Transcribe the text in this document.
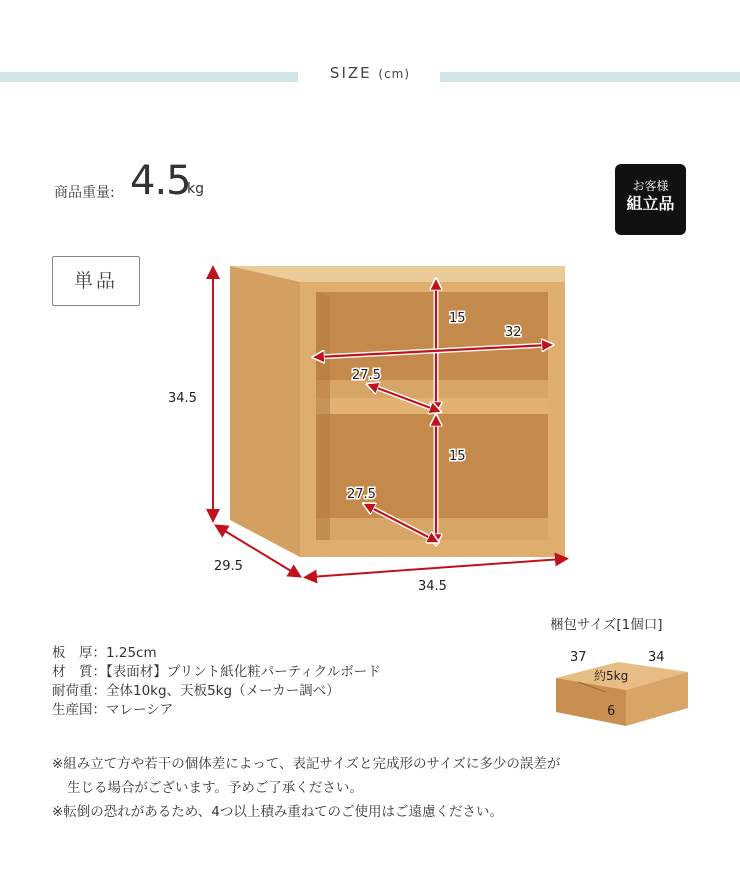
SIZE (cm)
商品重量: 4.5
kg	お客様
組立品
単品
34.5
29.5
34.5
15
32
27.5
15
27.5
板　厚：1.25cm
材　質：【表面材】プリント紙化粧パーティクルボード
耐荷重：全体10kg、天板5kg（メーカー調べ）
生産国：マレーシア
梱包サイズ[1個口]
37	34
約5kg
6
※組み立て方や若干の個体差によって、表記サイズと完成形のサイズに多少の誤差が
生じる場合がございます。予めご了承ください。
※転倒の恐れがあるため、4つ以上積み重ねてのご使用はご遠慮ください。
